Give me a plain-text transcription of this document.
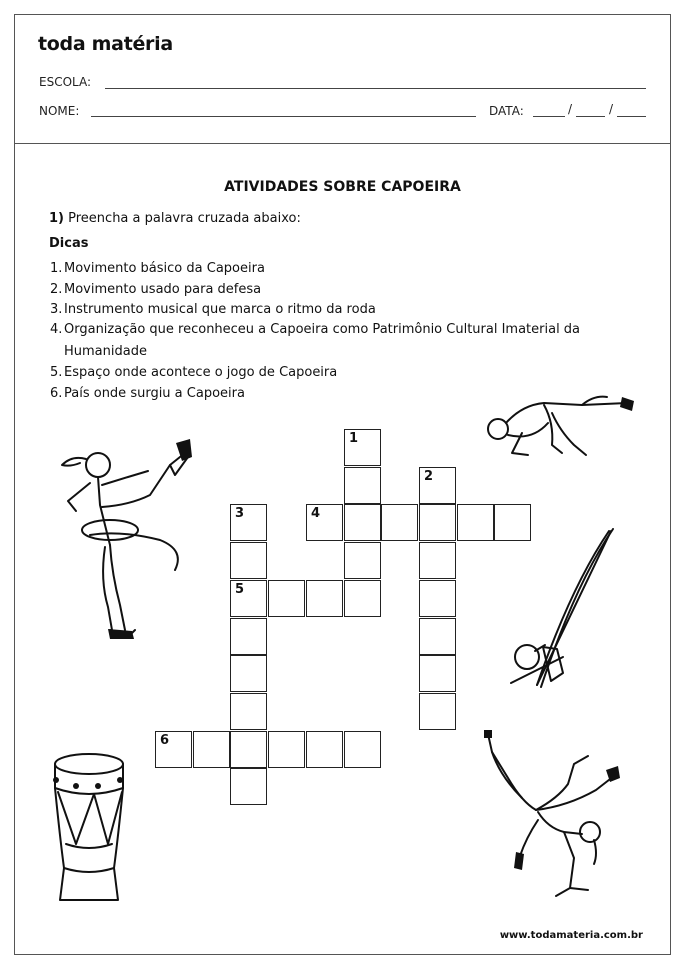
toda matéria
ESCOLA:
NOME:	DATA:	/	/
ATIVIDADES SOBRE CAPOEIRA
1) Preencha a palavra cruzada abaixo:
Dicas
1. Movimento básico da Capoeira
2. Movimento usado para defesa
3. Instrumento musical que marca o ritmo da roda
4. Organização que reconheceu a Capoeira como Patrimônio Cultural Imaterial da
Humanidade
5. Espaço onde acontece o jogo de Capoeira
6. País onde surgiu a Capoeira
1
2
3
5
4
6
www.todamateria.com.br
